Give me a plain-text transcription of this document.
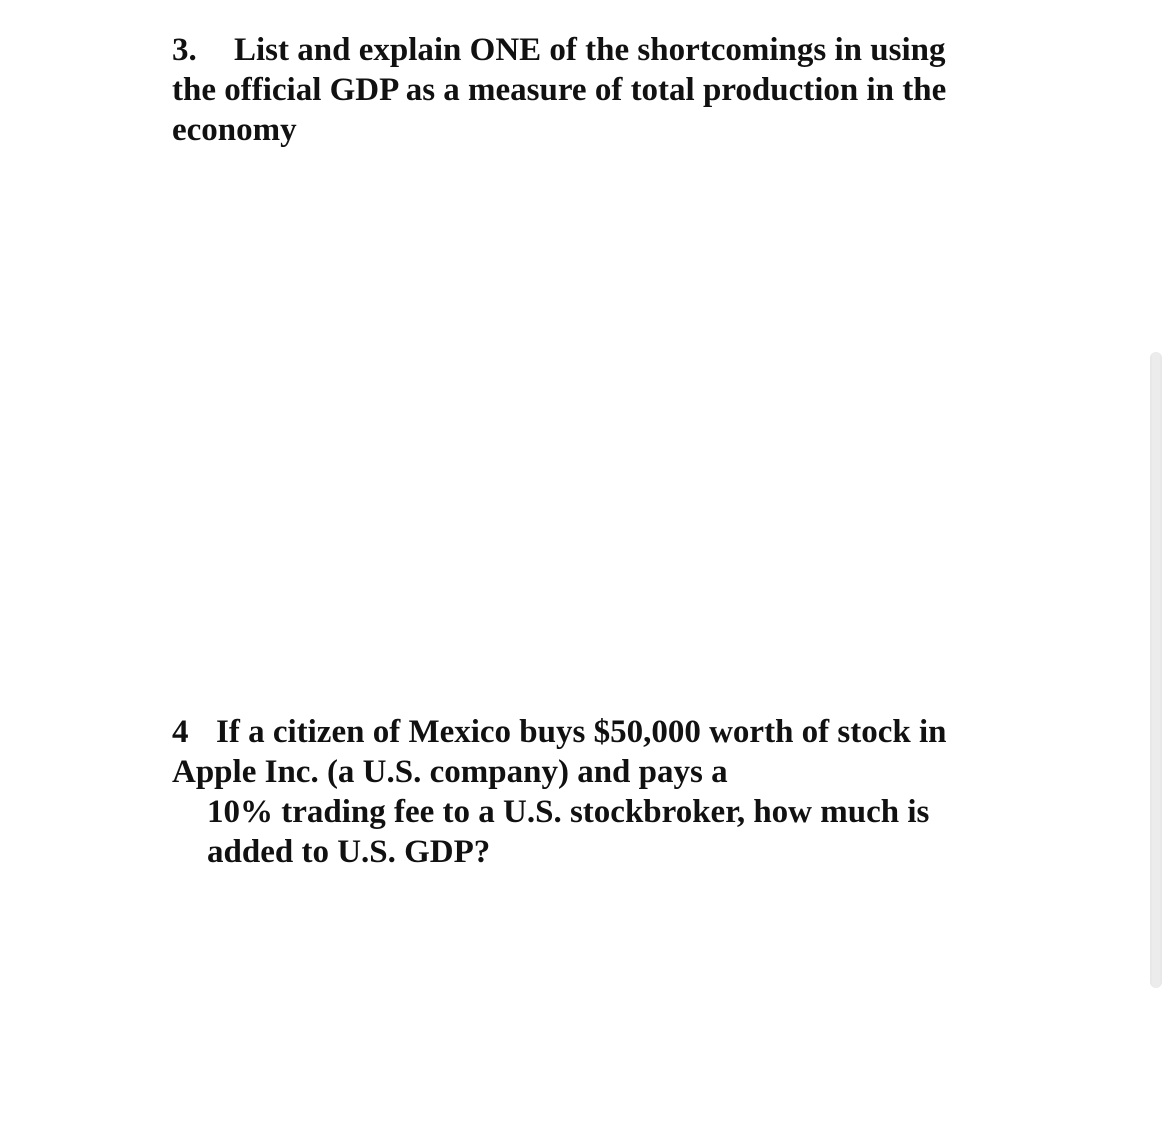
3. List and explain ONE of the shortcomings in using
the official GDP as a measure of total production in the
economy
4 If a citizen of Mexico buys $50,000 worth of stock in
Apple Inc. (a U.S. company) and pays a
10% trading fee to a U.S. stockbroker, how much is
added to U.S. GDP?
